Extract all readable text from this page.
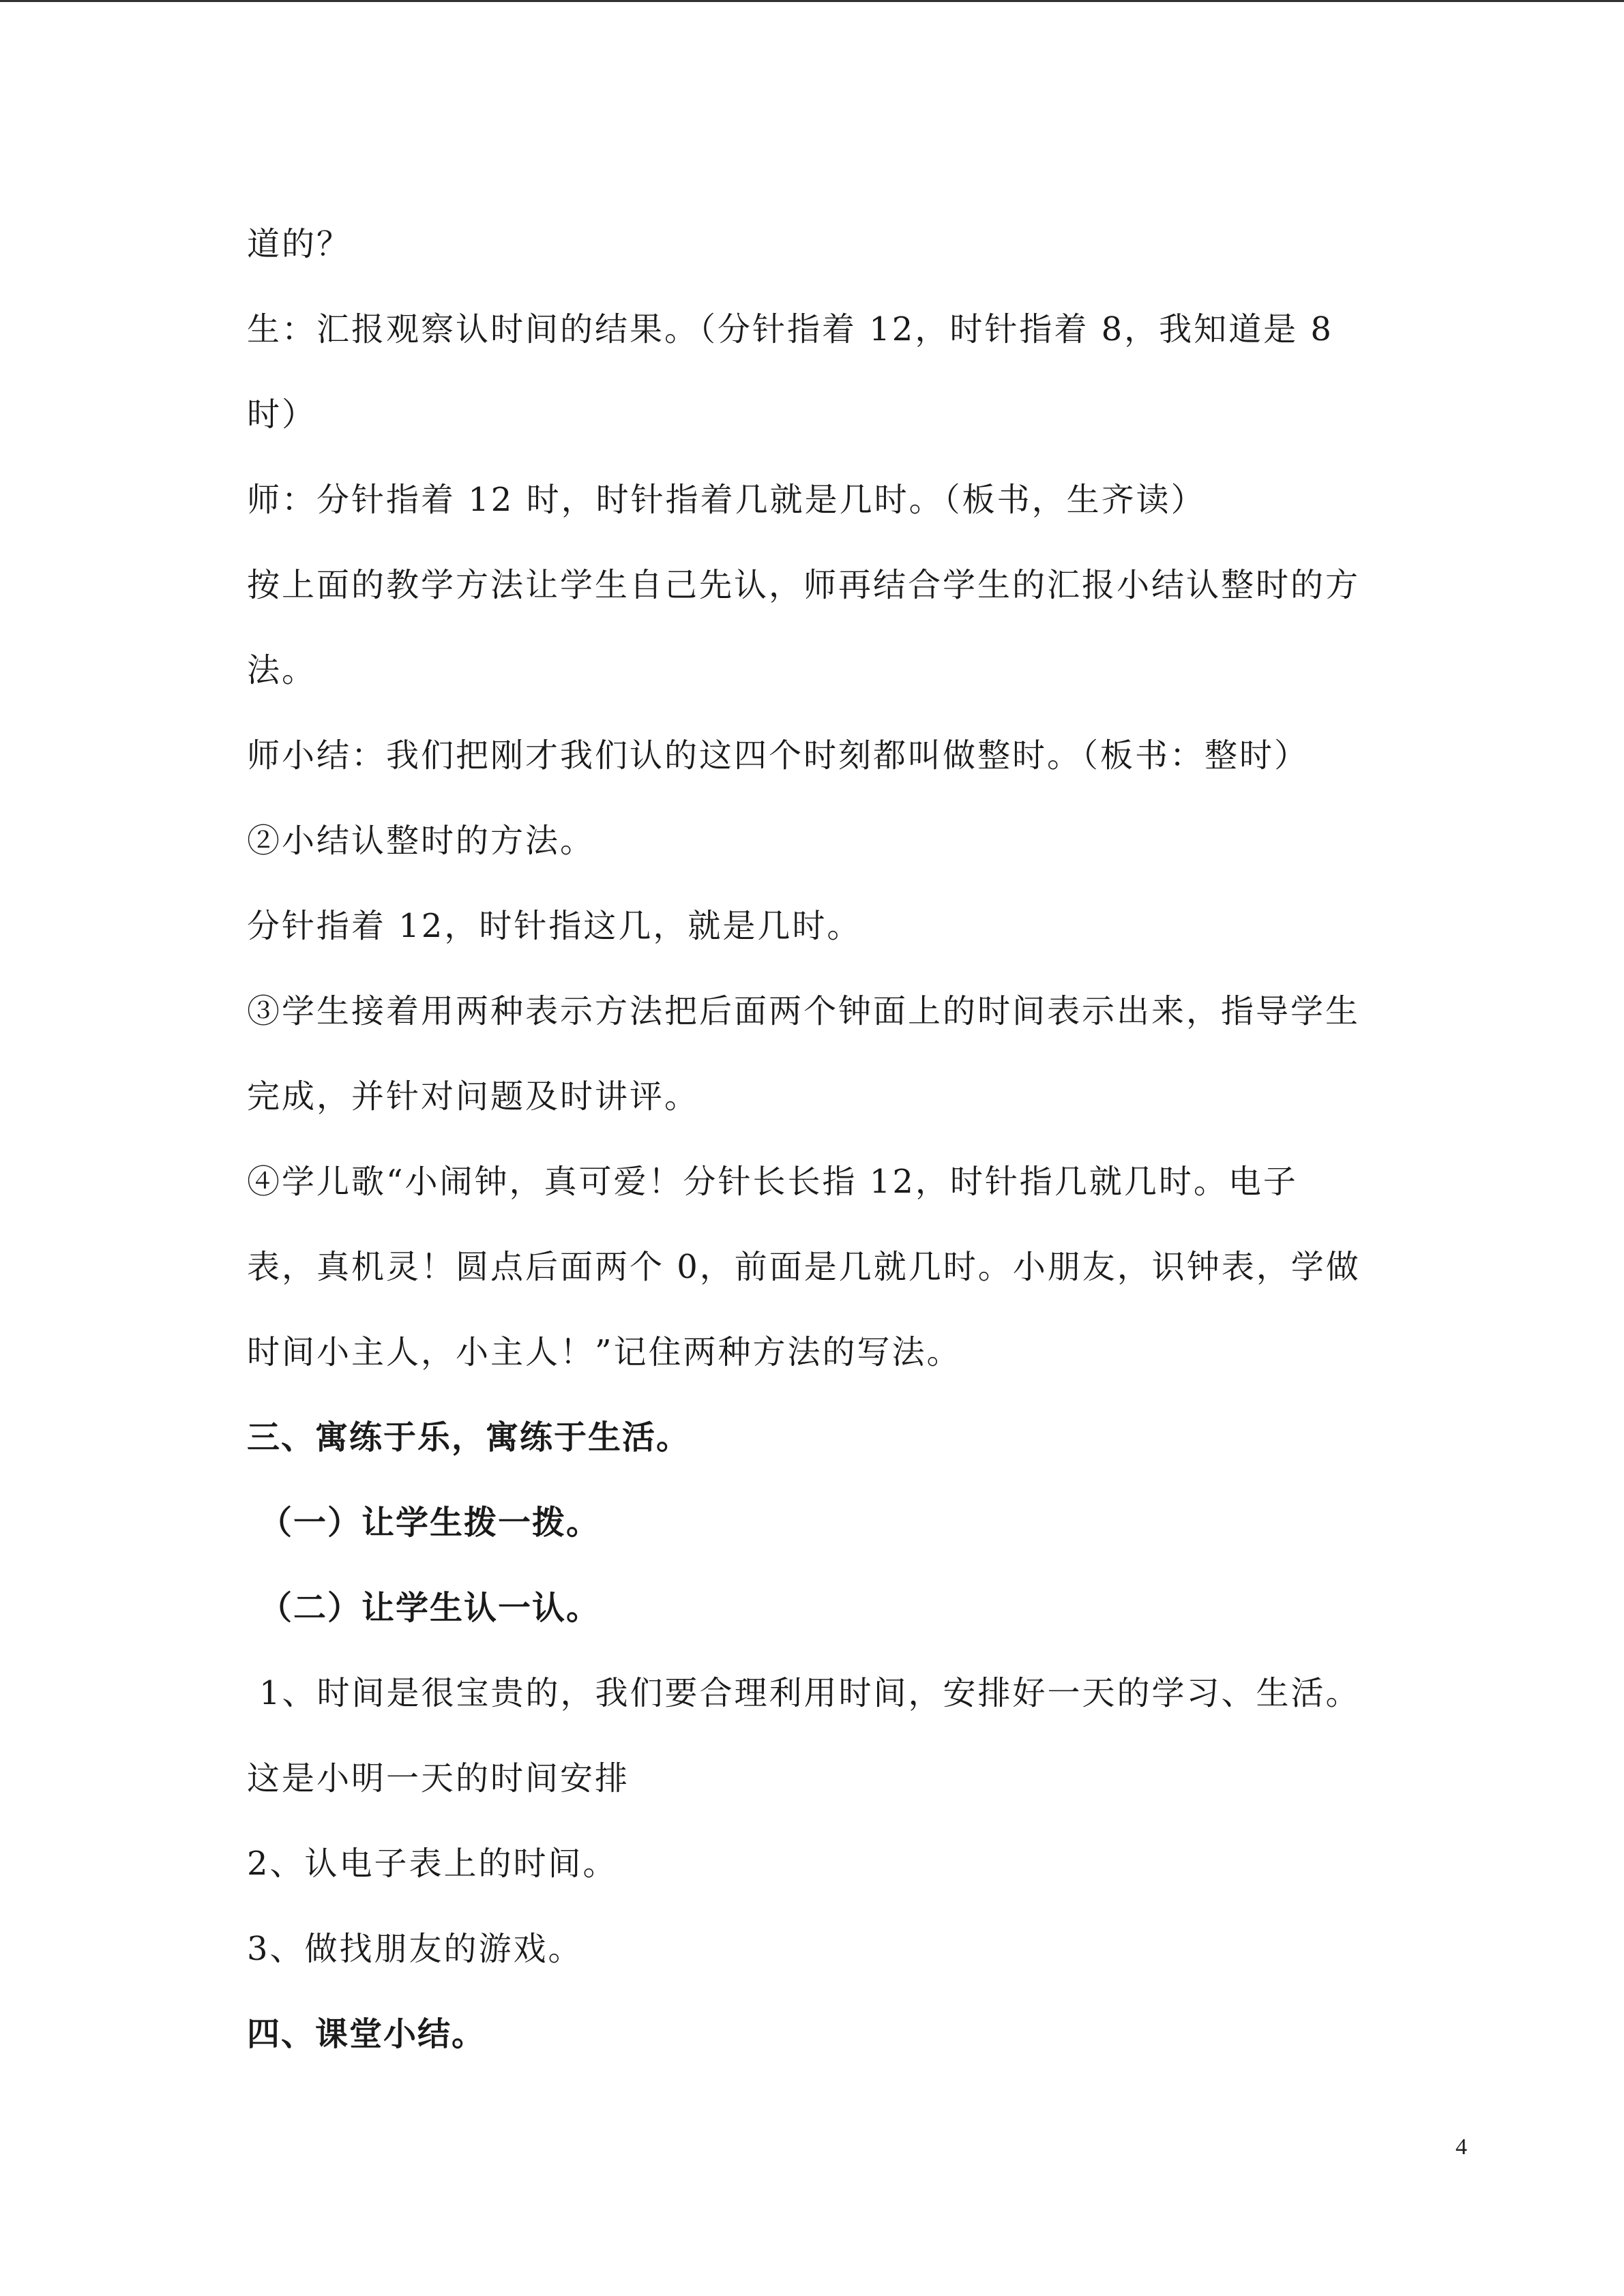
道的？
生：汇报观察认时间的结果。（分针指着 12，时针指着 8，我知道是 8
时）
师：分针指着 12 时，时针指着几就是几时。（板书，生齐读）
按上面的教学方法让学生自己先认，师再结合学生的汇报小结认整时的方
法。
师小结：我们把刚才我们认的这四个时刻都叫做整时。（板书：整时）
②小结认整时的方法。
分针指着 12，时针指这几，就是几时。
③学生接着用两种表示方法把后面两个钟面上的时间表示出来，指导学生
完成，并针对问题及时讲评。
④学儿歌“小闹钟，真可爱！分针长长指 12，时针指几就几时。电子
表，真机灵！圆点后面两个 0，前面是几就几时。小朋友，识钟表，学做
时间小主人，小主人！”记住两种方法的写法。
三、寓练于乐，寓练于生活。
（一）让学生拨一拨。
（二）让学生认一认。
1、时间是很宝贵的，我们要合理利用时间，安排好一天的学习、生活。
这是小明一天的时间安排
2、认电子表上的时间。
3、做找朋友的游戏。
四、课堂小结。
4
